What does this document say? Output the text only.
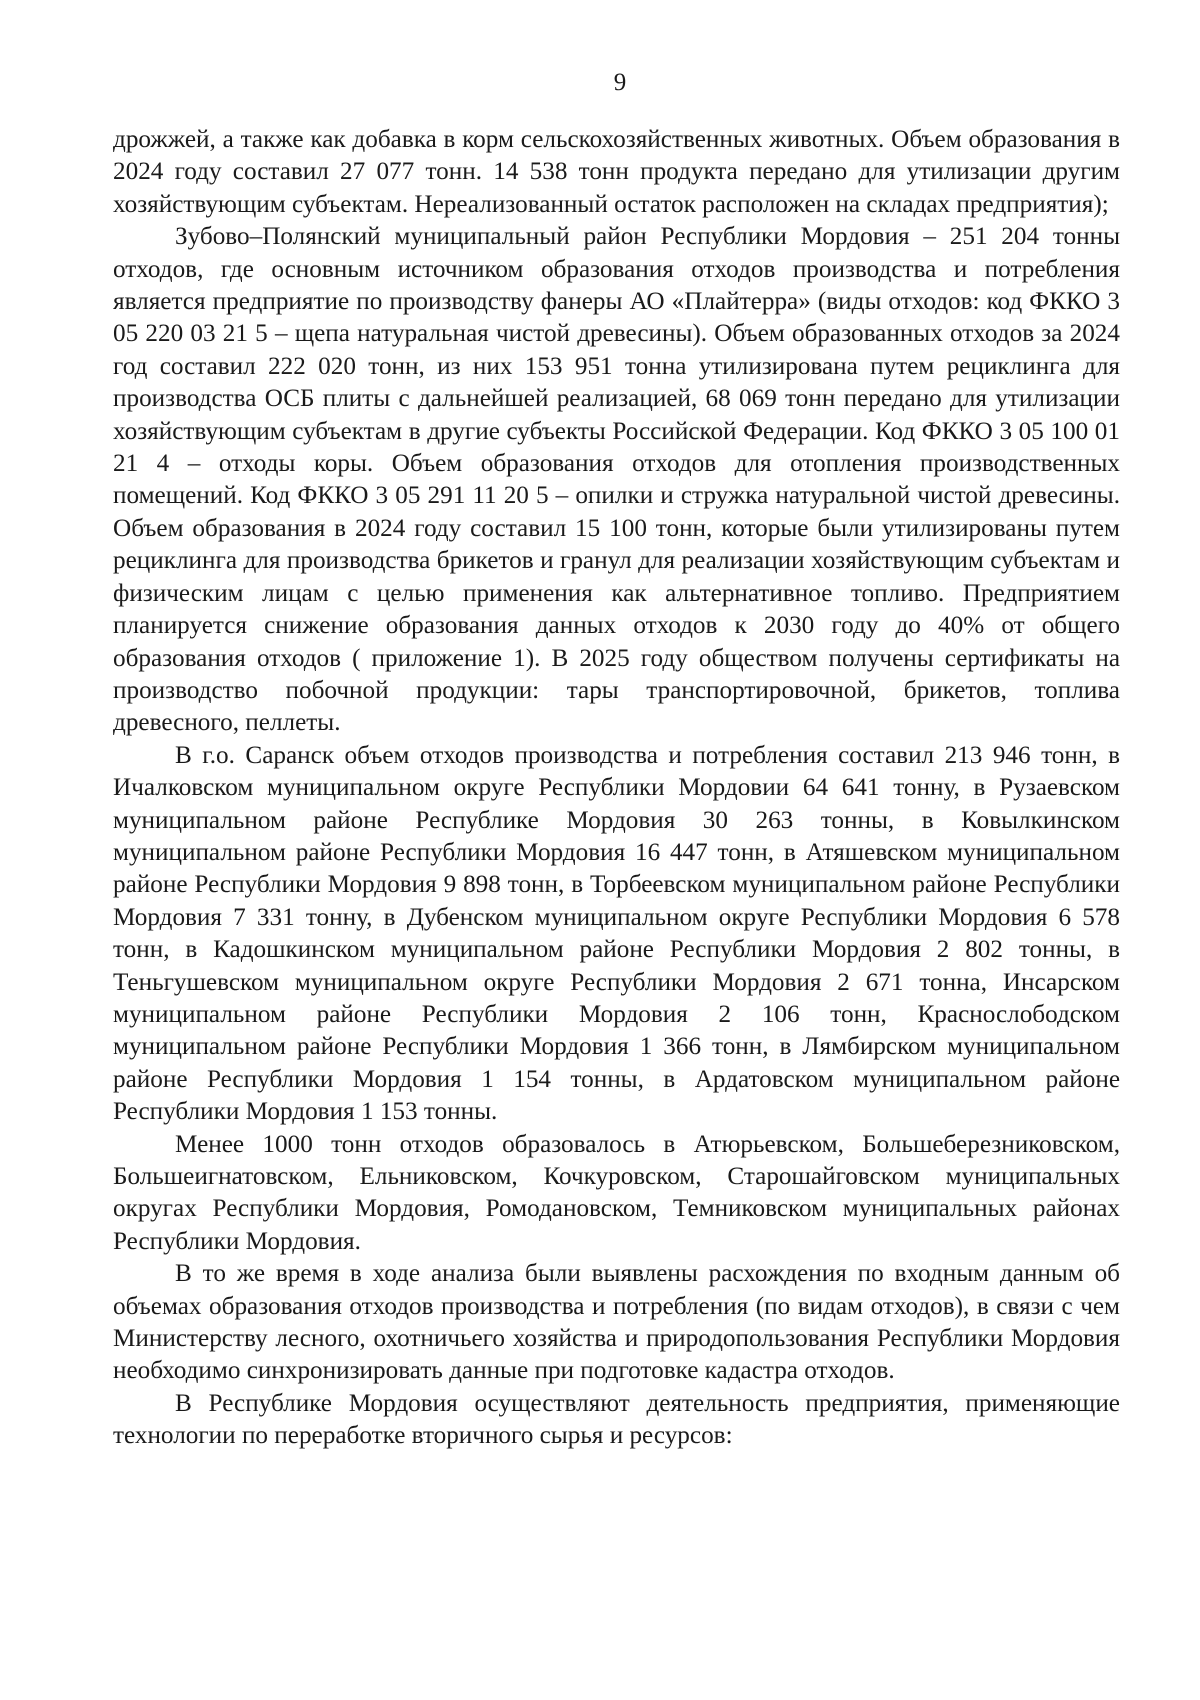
9

дрожжей, а также как добавка в корм сельскохозяйственных животных. Объем образования в 2024 году составил 27 077 тонн. 14 538 тонн продукта передано для утилизации другим хозяйствующим субъектам. Нереализованный остаток расположен на складах предприятия);

Зубово–Полянский муниципальный район Республики Мордовия – 251 204 тонны отходов, где основным источником образования отходов производства и потребления является предприятие по производству фанеры АО «Плайтерра» (виды отходов: код ФККО 3 05 220 03 21 5 – щепа натуральная чистой древесины). Объем образованных отходов за 2024 год составил 222 020 тонн, из них 153 951 тонна утилизирована путем рециклинга для производства ОСБ плиты с дальнейшей реализацией, 68 069 тонн передано для утилизации хозяйствующим субъектам в другие субъекты Российской Федерации. Код ФККО 3 05 100 01 21 4 – отходы коры. Объем образования отходов для отопления производственных помещений. Код ФККО 3 05 291 11 20 5 – опилки и стружка натуральной чистой древесины. Объем образования в 2024 году составил 15 100 тонн, которые были утилизированы путем рециклинга для производства брикетов и гранул для реализации хозяйствующим субъектам и физическим лицам с целью применения как альтернативное топливо. Предприятием планируется снижение образования данных отходов к 2030 году до 40% от общего образования отходов ( приложение 1). В 2025 году обществом получены сертификаты на производство побочной продукции: тары транспортировочной, брикетов, топлива древесного, пеллеты.

В г.о. Саранск объем отходов производства и потребления составил 213 946 тонн, в Ичалковском муниципальном округе Республики Мордовии 64 641 тонну, в Рузаевском муниципальном районе Республике Мордовия 30 263 тонны, в Ковылкинском муниципальном районе Республики Мордовия 16 447 тонн, в Атяшевском муниципальном районе Республики Мордовия 9 898 тонн, в Торбеевском муниципальном районе Республики Мордовия 7 331 тонну, в Дубенском муниципальном округе Республики Мордовия 6 578 тонн, в Кадошкинском муниципальном районе Республики Мордовия 2 802 тонны, в Теньгушевском муниципальном округе Республики Мордовия 2 671 тонна, Инсарском муниципальном районе Республики Мордовия 2 106 тонн, Краснослободском муниципальном районе Республики Мордовия 1 366 тонн, в Лямбирском муниципальном районе Республики Мордовия 1 154 тонны, в Ардатовском муниципальном районе Республики Мордовия 1 153 тонны.

Менее 1000 тонн отходов образовалось в Атюрьевском, Большеберезниковском, Большеигнатовском, Ельниковском, Кочкуровском, Старошайговском муниципальных округах Республики Мордовия, Ромодановском, Темниковском муниципальных районах Республики Мордовия.

В то же время в ходе анализа были выявлены расхождения по входным данным об объемах образования отходов производства и потребления (по видам отходов), в связи с чем Министерству лесного, охотничьего хозяйства и природопользования Республики Мордовия необходимо синхронизировать данные при подготовке кадастра отходов.

В Республике Мордовия осуществляют деятельность предприятия, применяющие технологии по переработке вторичного сырья и ресурсов:
